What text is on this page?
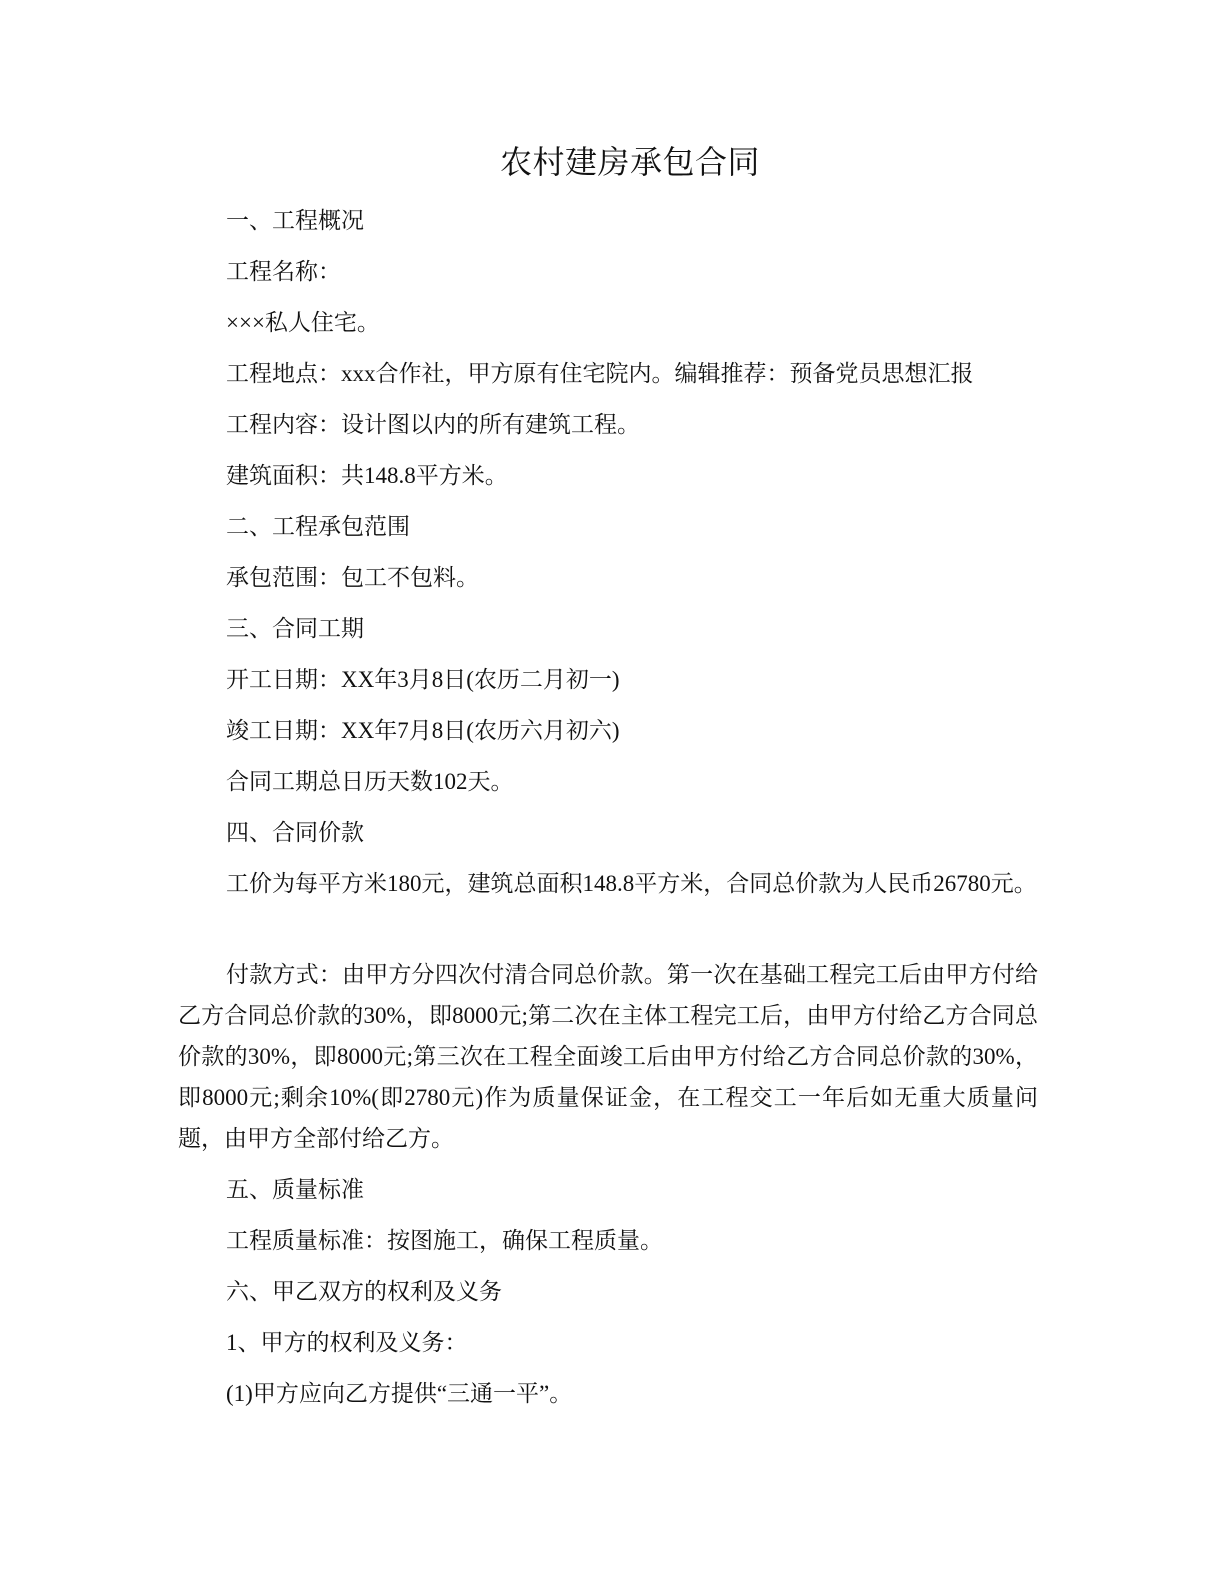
农村建房承包合同
一、工程概况
工程名称：
×××私人住宅。
工程地点：xxx合作社，甲方原有住宅院内。编辑推荐：预备党员思想汇报
工程内容：设计图以内的所有建筑工程。
建筑面积：共148.8平方米。
二、工程承包范围
承包范围：包工不包料。
三、合同工期
开工日期：XX年3月8日(农历二月初一)
竣工日期：XX年7月8日(农历六月初六)
合同工期总日历天数102天。
四、合同价款
工价为每平方米180元，建筑总面积148.8平方米，合同总价款为人民币26780元。
付款方式：由甲方分四次付清合同总价款。第一次在基础工程完工后由甲方付给乙方合同总价款的30%，即8000元;第二次在主体工程完工后，由甲方付给乙方合同总价款的30%，即8000元;第三次在工程全面竣工后由甲方付给乙方合同总价款的30%，即8000元;剩余10%(即2780元)作为质量保证金，在工程交工一年后如无重大质量问题，由甲方全部付给乙方。
五、质量标准
工程质量标准：按图施工，确保工程质量。
六、甲乙双方的权利及义务
1、甲方的权利及义务：
(1)甲方应向乙方提供“三通一平”。
